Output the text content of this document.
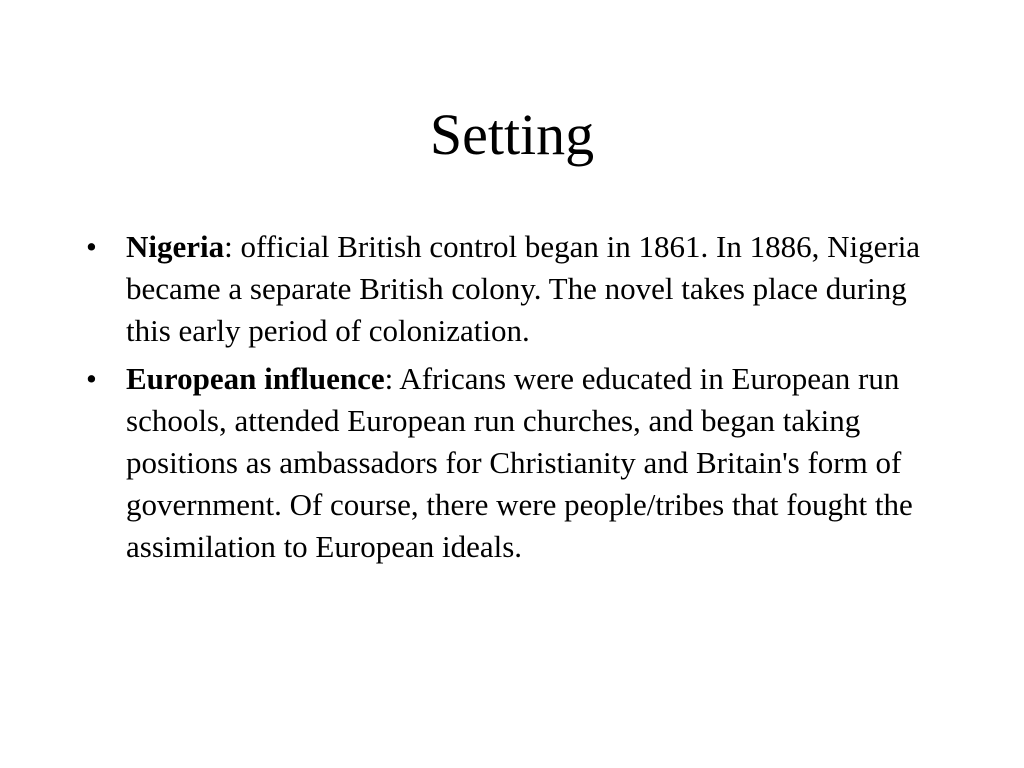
Setting
• Nigeria: official British control began in 1861. In 1886, Nigeria became a separate British colony. The novel takes place during this early period of colonization.
• European influence: Africans were educated in European run schools, attended European run churches, and began taking positions as ambassadors for Christianity and Britain's form of government. Of course, there were people/tribes that fought the assimilation to European ideals.
